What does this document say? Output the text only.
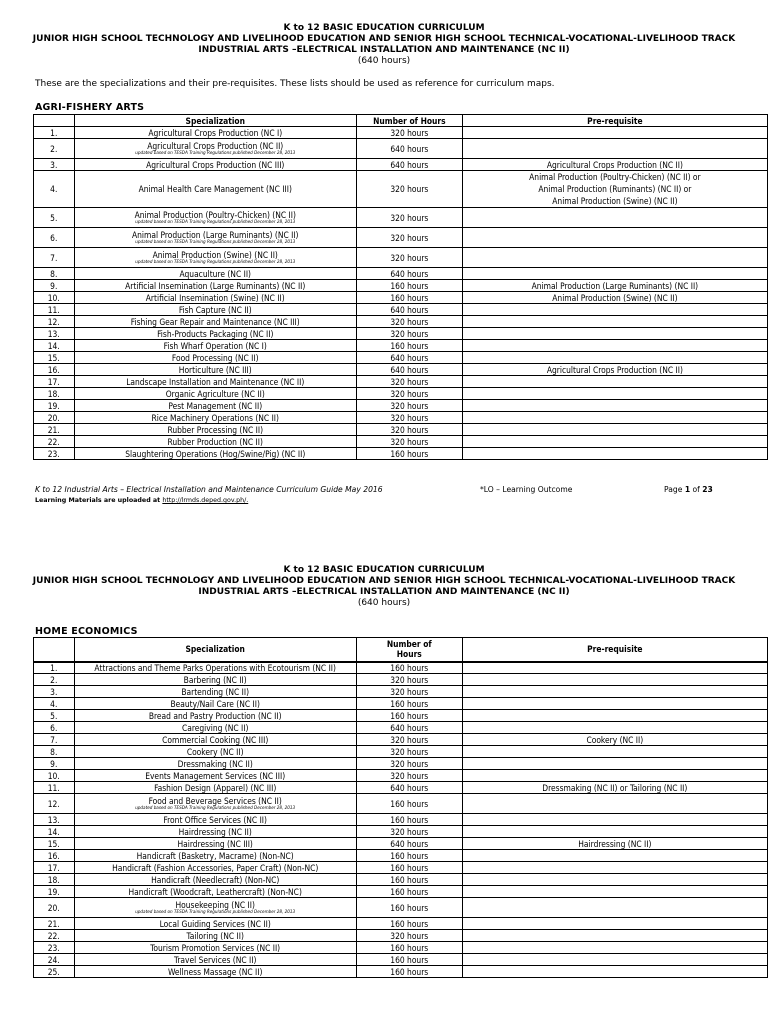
K to 12 BASIC EDUCATION CURRICULUM
JUNIOR HIGH SCHOOL TECHNOLOGY AND LIVELIHOOD EDUCATION AND SENIOR HIGH SCHOOL TECHNICAL-VOCATIONAL-LIVELIHOOD TRACK
INDUSTRIAL ARTS –ELECTRICAL INSTALLATION AND MAINTENANCE (NC II)
(640 hours)
These are the specializations and their pre-requisites. These lists should be used as reference for curriculum maps.
AGRI-FISHERY ARTS
	Specialization	Number of Hours	Pre-requisite
1.	Agricultural Crops Production (NC I)	320 hours	
2.	Agricultural Crops Production (NC II)
updated based on TESDA Training Regulations published December 28, 2013	640 hours	
3.	Agricultural Crops Production (NC III)	640 hours	Agricultural Crops Production (NC II)
4.	Animal Health Care Management (NC III)	320 hours	Animal Production (Poultry-Chicken) (NC II) or
Animal Production (Ruminants) (NC II) or
Animal Production (Swine) (NC II)

5.	Animal Production (Poultry-Chicken) (NC II)
updated based on TESDA Training Regulations published December 28, 2013	320 hours	
6.	Animal Production (Large Ruminants) (NC II)
updated based on TESDA Training Regulations published December 28, 2013	320 hours	
7.	Animal Production (Swine) (NC II)
updated based on TESDA Training Regulations published December 28, 2013	320 hours	
8.	Aquaculture (NC II)	640 hours	
9.	Artificial Insemination (Large Ruminants) (NC II)	160 hours	Animal Production (Large Ruminants) (NC II)
10.	Artificial Insemination (Swine) (NC II)	160 hours	Animal Production (Swine) (NC II)
11.	Fish Capture (NC II)	640 hours	
12.	Fishing Gear Repair and Maintenance (NC III)	320 hours	
13.	Fish-Products Packaging (NC II)	320 hours	
14.	Fish Wharf Operation (NC I)	160 hours	
15.	Food Processing (NC II)	640 hours	
16.	Horticulture (NC III)	640 hours	Agricultural Crops Production (NC II)
17.	Landscape Installation and Maintenance (NC II)	320 hours	
18.	Organic Agriculture (NC II)	320 hours	
19.	Pest Management (NC II)	320 hours	
20.	Rice Machinery Operations (NC II)	320 hours	
21.	Rubber Processing (NC II)	320 hours	
22.	Rubber Production (NC II)	320 hours	
23.	Slaughtering Operations (Hog/Swine/Pig) (NC II)	160 hours	
K to 12 Industrial Arts – Electrical Installation and Maintenance Curriculum Guide May 2016
Learning Materials are uploaded at http://lrmds.deped.gov.ph/.
*LO – Learning Outcome	Page 1 of 23
K to 12 BASIC EDUCATION CURRICULUM
JUNIOR HIGH SCHOOL TECHNOLOGY AND LIVELIHOOD EDUCATION AND SENIOR HIGH SCHOOL TECHNICAL-VOCATIONAL-LIVELIHOOD TRACK
INDUSTRIAL ARTS –ELECTRICAL INSTALLATION AND MAINTENANCE (NC II)
(640 hours)
HOME ECONOMICS
	Specialization	Number of
Hours	Pre-requisite
1.	Attractions and Theme Parks Operations with Ecotourism (NC II)	160 hours	
2.	Barbering (NC II)	320 hours	
3.	Bartending (NC II)	320 hours	
4.	Beauty/Nail Care (NC II)	160 hours	
5.	Bread and Pastry Production (NC II)	160 hours	
6.	Caregiving (NC II)	640 hours	
7.	Commercial Cooking (NC III)	320 hours	Cookery (NC II)
8.	Cookery (NC II)	320 hours	
9.	Dressmaking (NC II)	320 hours	
10.	Events Management Services (NC III)	320 hours	
11.	Fashion Design (Apparel) (NC III)	640 hours	Dressmaking (NC II) or Tailoring (NC II)
12.	Food and Beverage Services (NC II)
updated based on TESDA Training Regulations published December 28, 2013	160 hours	
13.	Front Office Services (NC II)	160 hours	
14.	Hairdressing (NC II)	320 hours	
15.	Hairdressing (NC III)	640 hours	Hairdressing (NC II)
16.	Handicraft (Basketry, Macrame) (Non-NC)	160 hours	
17.	Handicraft (Fashion Accessories, Paper Craft) (Non-NC)	160 hours	
18.	Handicraft (Needlecraft) (Non-NC)	160 hours	
19.	Handicraft (Woodcraft, Leathercraft) (Non-NC)	160 hours	
20.	Housekeeping (NC II)
updated based on TESDA Training Regulations published December 28, 2013	160 hours	
21.	Local Guiding Services (NC II)	160 hours	
22.	Tailoring (NC II)	320 hours	
23.	Tourism Promotion Services (NC II)	160 hours	
24.	Travel Services (NC II)	160 hours	
25.	Wellness Massage (NC II)	160 hours	
